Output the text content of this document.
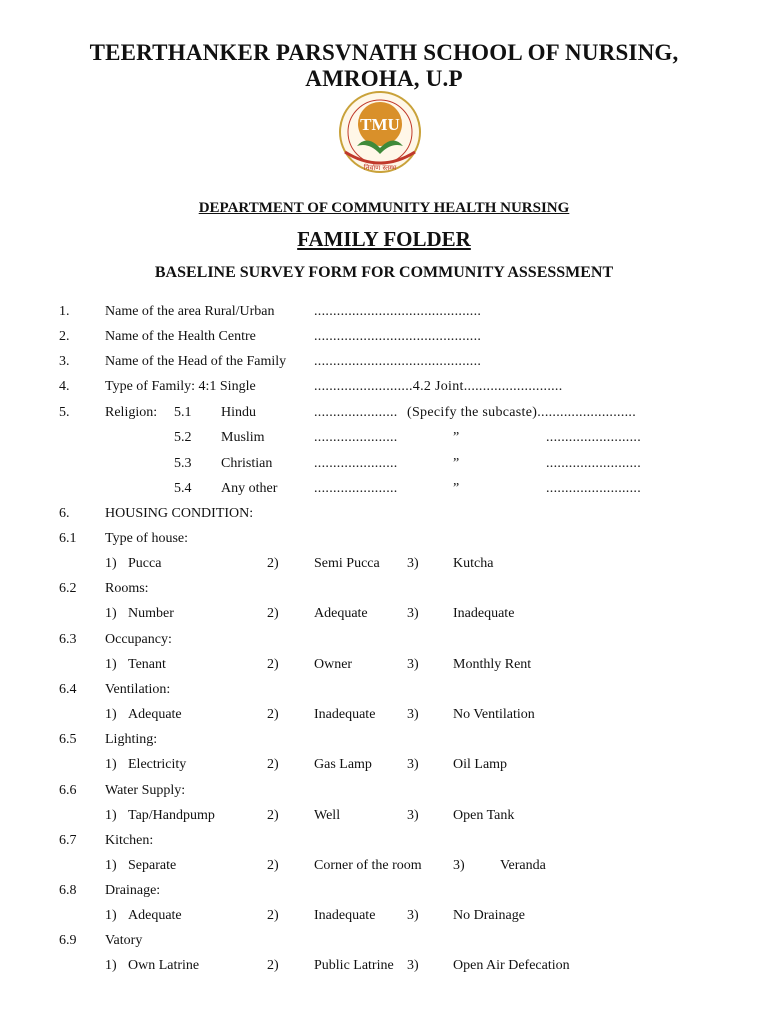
TEERTHANKER PARSVNATH SCHOOL OF NURSING,
AMROHA, U.P
TMU
निर्वाण स्तम्भ
DEPARTMENT OF COMMUNITY HEALTH NURSING
FAMILY FOLDER
BASELINE SURVEY FORM FOR COMMUNITY ASSESSMENT
1.	Name of the area Rural/Urban	............................................
2.	Name of the Health Centre	............................................
3.	Name of the Head of the Family ............................................
4.	Type of Family: 4:1 Single	..........................4.2 Joint..........................
5.	Religion: 5.1 Hindu	...................... (Specify the subcaste)..........................
5.2 Muslim	......................	”	.........................
5.3 Christian	......................	”	.........................
5.4 Any other	......................	”	.........................
6.	HOUSING CONDITION:
6.1 Type of house:
1) Pucca	2)	Semi Pucca 3) Kutcha
6.2 Rooms:
1) Number	2)	Adequate	3) Inadequate
6.3 Occupancy:
1) Tenant	2)	Owner	3) Monthly Rent
6.4 Ventilation:
1) Adequate	2)	Inadequate 3) No Ventilation
6.5 Lighting:
1) Electricity	2)	Gas Lamp	3) Oil Lamp
6.6 Water Supply:
1) Tap/Handpump	2)	Well	3) Open Tank
6.7 Kitchen:
1) Separate	2)	Corner of the room 3)	Veranda
6.8 Drainage:
1) Adequate	2)	Inadequate 3) No Drainage
6.9 Vatory
1) Own Latrine	2)	Public Latrine 3) Open Air Defecation
